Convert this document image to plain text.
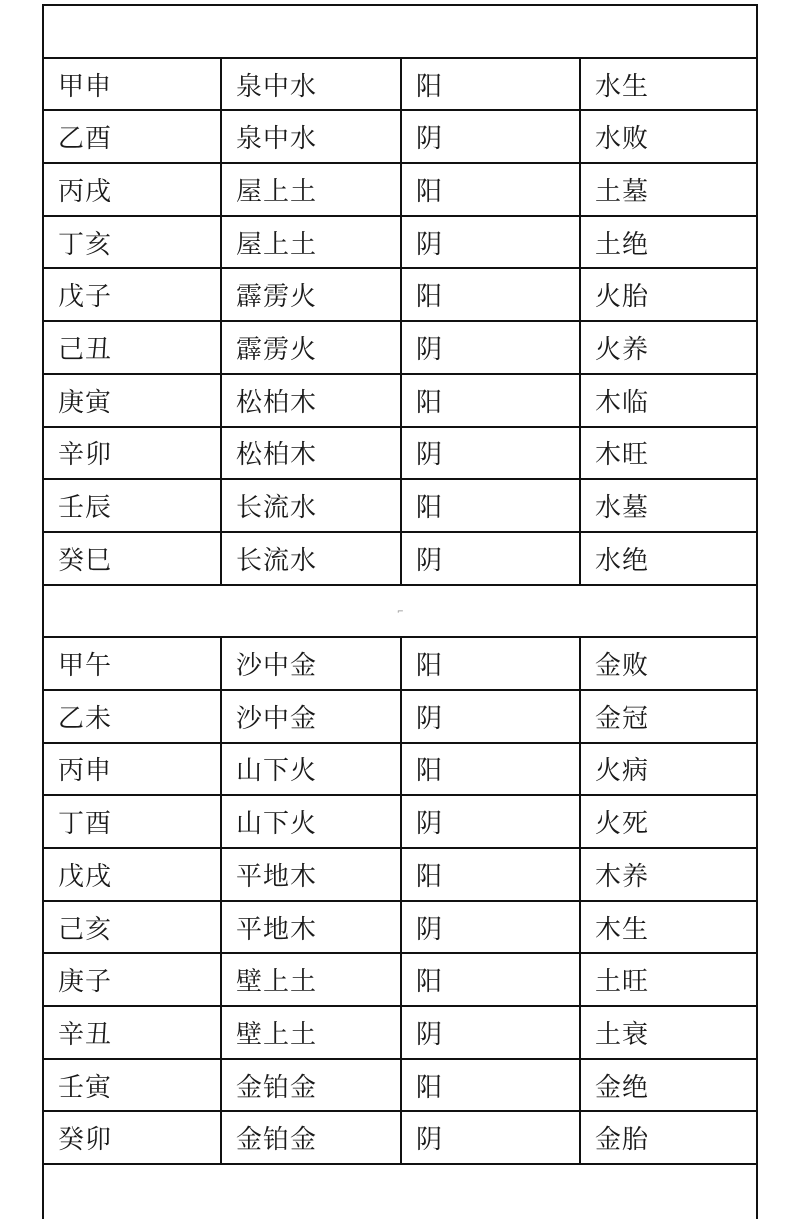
甲申	泉中水	阳	水生
乙酉	泉中水	阴	水败
丙戌	屋上土	阳	土墓
丁亥	屋上土	阴	土绝
戊子	霹雳火	阳	火胎
己丑	霹雳火	阴	火养
庚寅	松柏木	阳	木临
辛卯	松柏木	阴	木旺
壬辰	长流水	阳	水墓
癸巳	长流水	阴	水绝
⌐
甲午	沙中金	阳	金败
乙未	沙中金	阴	金冠
丙申	山下火	阳	火病
丁酉	山下火	阴	火死
戊戌	平地木	阳	木养
己亥	平地木	阴	木生
庚子	壁上土	阳	土旺
辛丑	壁上土	阴	土衰
壬寅	金铂金	阳	金绝
癸卯	金铂金	阴	金胎
